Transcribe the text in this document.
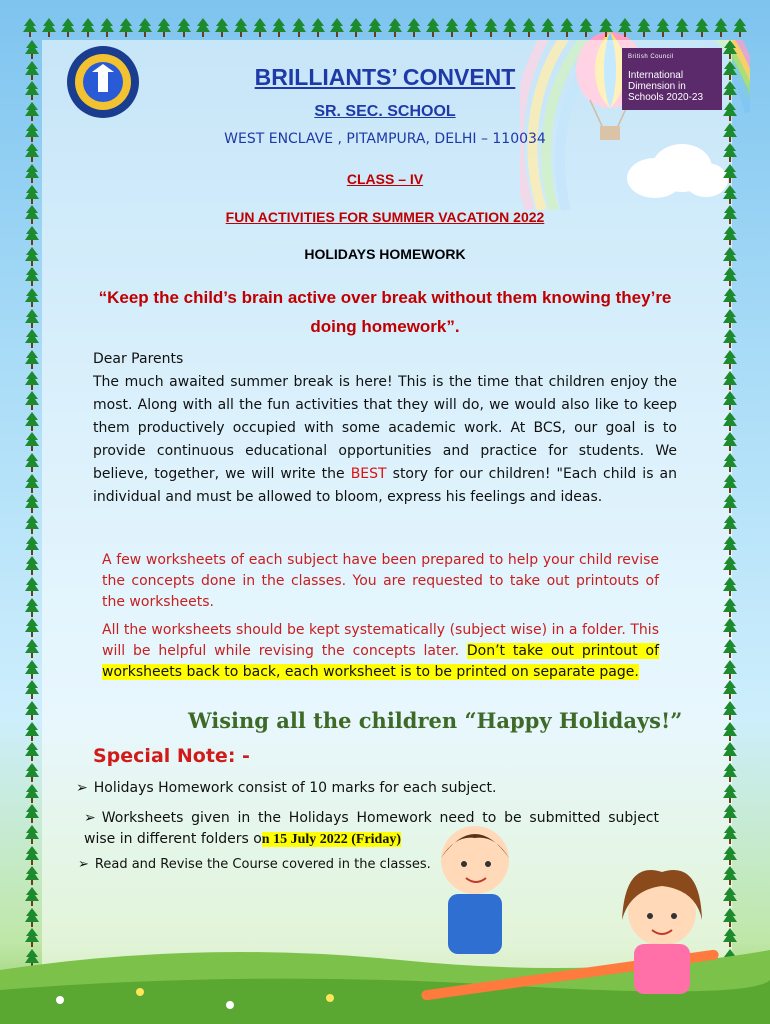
British Council
International Dimension in Schools 2020-23
BRILLIANTS’ CONVENT
SR. SEC. SCHOOL
WEST ENCLAVE , PITAMPURA, DELHI – 110034
CLASS – IV
FUN ACTIVITIES FOR SUMMER VACATION 2022
HOLIDAYS HOMEWORK
“Keep the child’s brain active over break without them knowing they’re doing homework”.
Dear Parents
The much awaited summer break is here! This is the time that children enjoy the most. Along with all the fun activities that they will do, we would also like to keep them productively occupied with some academic work. At BCS, our goal is to provide continuous educational opportunities and practice for students. We believe, together, we will write the BEST story for our children! "Each child is an individual and must be allowed to bloom, express his feelings and ideas.
A few worksheets of each subject have been prepared to help your child revise the concepts done in the classes. You are requested to take out printouts of the worksheets.
All the worksheets should be kept systematically (subject wise) in a folder. This will be helpful while revising the concepts later. Don’t take out printout of worksheets back to back, each worksheet is to be printed on separate page.
Wising all the children “Happy Holidays!”
Special Note: -
➢ Holidays Homework consist of 10 marks for each subject.
➢ Worksheets given in the Holidays Homework need to be submitted subject wise in different folders on 15 July 2022 (Friday)
➢ Read and Revise the Course covered in the classes.
